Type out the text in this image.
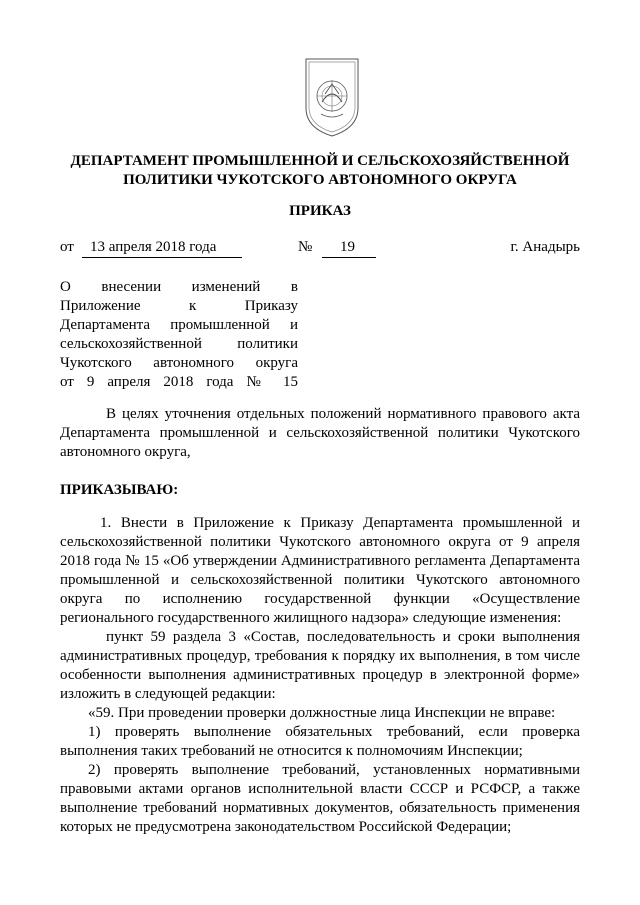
ДЕПАРТАМЕНТ ПРОМЫШЛЕННОЙ И СЕЛЬСКОХОЗЯЙСТВЕННОЙ
ПОЛИТИКИ ЧУКОТСКОГО АВТОНОМНОГО ОКРУГА
ПРИКАЗ
от	13 апреля 2018 года	№	19	г. Анадырь
О внесении изменений в
Приложение	к	Приказу
Департамента промышленной и
сельскохозяйственной политики
Чукотского автономного округа
от 9 апреля 2018 года № 15
В целях уточнения отдельных положений нормативного правового акта Департамента промышленной и сельскохозяйственной политики Чукотского автономного округа,
ПРИКАЗЫВАЮ:

1. Внести в Приложение к Приказу Департамента промышленной и сельскохозяйственной политики Чукотского автономного округа от 9 апреля 2018 года № 15 «Об утверждении Административного регламента Департамента промышленной и сельскохозяйственной политики Чукотского автономного округа по исполнению государственной функции «Осуществление регионального государственного жилищного надзора» следующие изменения:

пункт 59 раздела 3 «Состав, последовательность и сроки выполнения административных процедур, требования к порядку их выполнения, в том числе особенности выполнения административных процедур в электронной форме» изложить в следующей редакции:

«59. При проведении проверки должностные лица Инспекции не вправе:

1) проверять выполнение обязательных требований, если проверка выполнения таких требований не относится к полномочиям Инспекции;

2) проверять выполнение требований, установленных нормативными правовыми актами органов исполнительной власти СССР и РСФСР, а также выполнение требований нормативных документов, обязательность применения которых не предусмотрена законодательством Российской Федерации;
